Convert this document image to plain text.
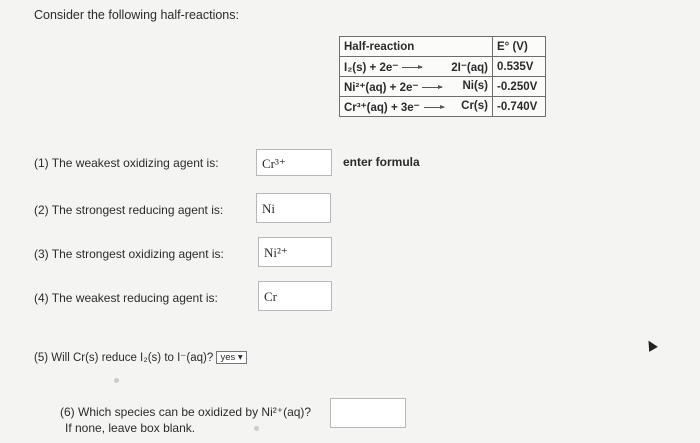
Consider the following half-reactions:
Half-reaction	E° (V)
I₂(s) + 2e⁻ 2I⁻(aq)	0.535V
Ni²⁺(aq) + 2e⁻ Ni(s)	-0.250V
Cr³⁺(aq) + 3e⁻ Cr(s)	-0.740V
(1) The weakest oxidizing agent is:	Cr³⁺	enter formula
(2) The strongest reducing agent is:	Ni
(3) The strongest oxidizing agent is:	Ni²⁺
(4) The weakest reducing agent is:	Cr
(5) Will Cr(s) reduce I₂(s) to I⁻(aq)? yes ▾
(6) Which species can be oxidized by Ni²⁺(aq)?
If none, leave box blank.
